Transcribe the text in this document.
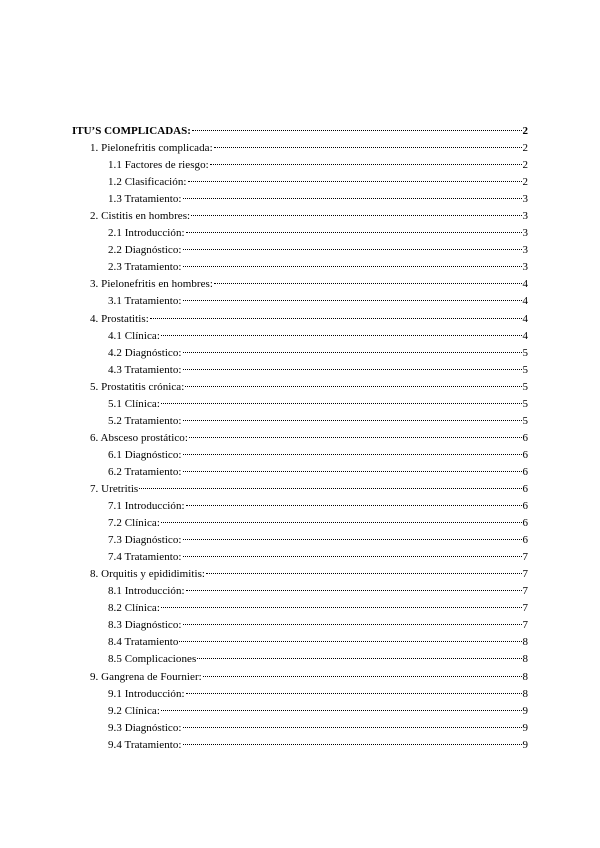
ITU’S COMPLICADAS:	2
1. Pielonefritis complicada:	2
1.1 Factores de riesgo:	2
1.2 Clasificación:	2
1.3 Tratamiento:	3
2. Cistitis en hombres:	3
2.1 Introducción:	3
2.2 Diagnóstico:	3
2.3 Tratamiento:	3
3. Pielonefritis en hombres:	4
3.1 Tratamiento:	4
4. Prostatitis:	4
4.1 Clínica:	4
4.2 Diagnóstico:	5
4.3 Tratamiento:	5
5. Prostatitis crónica:	5
5.1 Clínica:	5
5.2 Tratamiento:	5
6. Absceso prostático:	6
6.1 Diagnóstico:	6
6.2 Tratamiento:	6
7. Uretritis	6
7.1 Introducción:	6
7.2 Clínica:	6
7.3 Diagnóstico:	6
7.4 Tratamiento:	7
8. Orquitis y epididimitis:	7
8.1 Introducción:	7
8.2 Clínica:	7
8.3 Diagnóstico:	7
8.4 Tratamiento	8
8.5 Complicaciones	8
9. Gangrena de Fournier:	8
9.1 Introducción:	8
9.2 Clínica:	9
9.3 Diagnóstico:	9
9.4 Tratamiento:	9
